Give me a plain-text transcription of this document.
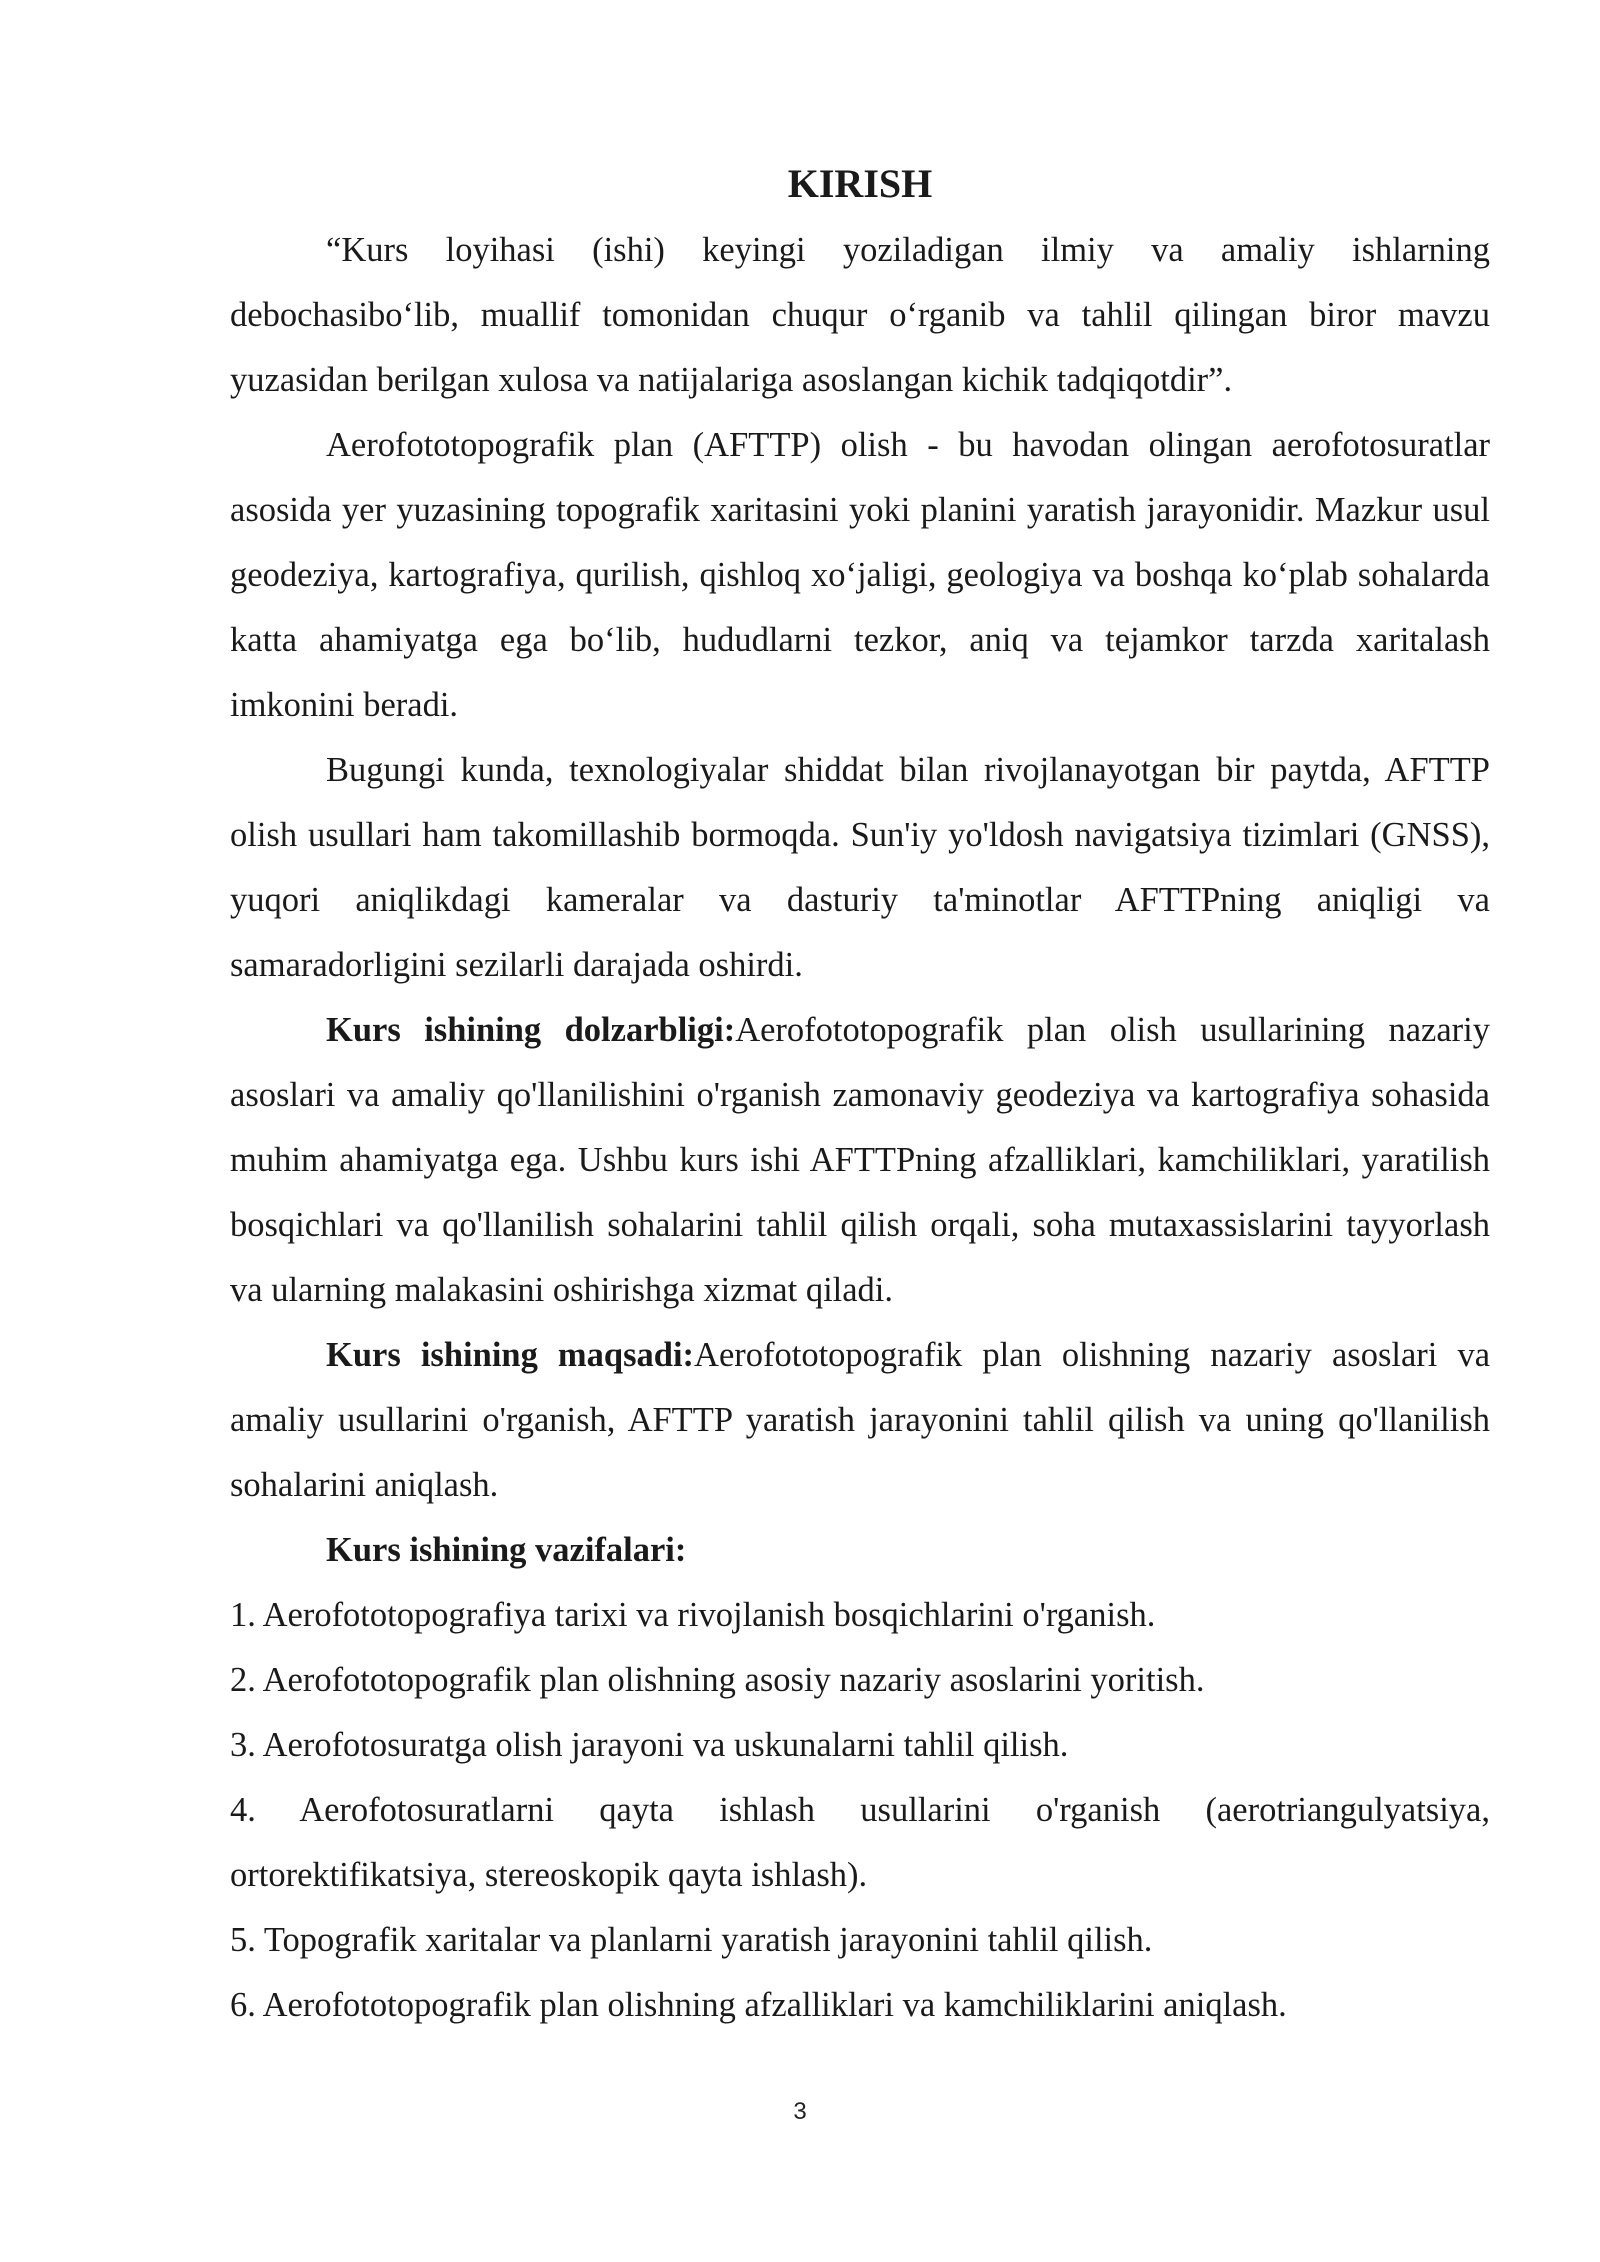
KIRISH

“Kurs loyihasi (ishi) keyingi yoziladigan ilmiy va amaliy ishlarning debochasibo‘lib, muallif tomonidan chuqur o‘rganib va tahlil qilingan biror mavzu yuzasidan berilgan xulosa va natijalariga asoslangan kichik tadqiqotdir”.

Aerofototopografik plan (AFTTP) olish - bu havodan olingan aerofotosuratlar asosida yer yuzasining topografik xaritasini yoki planini yaratish jarayonidir. Mazkur usul geodeziya, kartografiya, qurilish, qishloq xo‘jaligi, geologiya va boshqa ko‘plab sohalarda katta ahamiyatga ega bo‘lib, hududlarni tezkor, aniq va tejamkor tarzda xaritalash imkonini beradi.

Bugungi kunda, texnologiyalar shiddat bilan rivojlanayotgan bir paytda, AFTTP olish usullari ham takomillashib bormoqda. Sun'iy yo'ldosh navigatsiya tizimlari (GNSS), yuqori aniqlikdagi kameralar va dasturiy ta'minotlar AFTTPning aniqligi va samaradorligini sezilarli darajada oshirdi.

Kurs ishining dolzarbligi:Aerofototopografik plan olish usullarining nazariy asoslari va amaliy qo'llanilishini o'rganish zamonaviy geodeziya va kartografiya sohasida muhim ahamiyatga ega. Ushbu kurs ishi AFTTPning afzalliklari, kamchiliklari, yaratilish bosqichlari va qo'llanilish sohalarini tahlil qilish orqali, soha mutaxassislarini tayyorlash va ularning malakasini oshirishga xizmat qiladi.

Kurs ishining maqsadi:Aerofototopografik plan olishning nazariy asoslari va amaliy usullarini o'rganish, AFTTP yaratish jarayonini tahlil qilish va uning qo'llanilish sohalarini aniqlash.

Kurs ishining vazifalari:

1. Aerofototopografiya tarixi va rivojlanish bosqichlarini o'rganish.
2. Aerofototopografik plan olishning asosiy nazariy asoslarini yoritish.
3. Aerofotosuratga olish jarayoni va uskunalarni tahlil qilish.
4. Aerofotosuratlarni qayta ishlash usullarini o'rganish (aerotriangulyatsiya, ortorektifikatsiya, stereoskopik qayta ishlash).
5. Topografik xaritalar va planlarni yaratish jarayonini tahlil qilish.
6. Aerofototopografik plan olishning afzalliklari va kamchiliklarini aniqlash.
3
